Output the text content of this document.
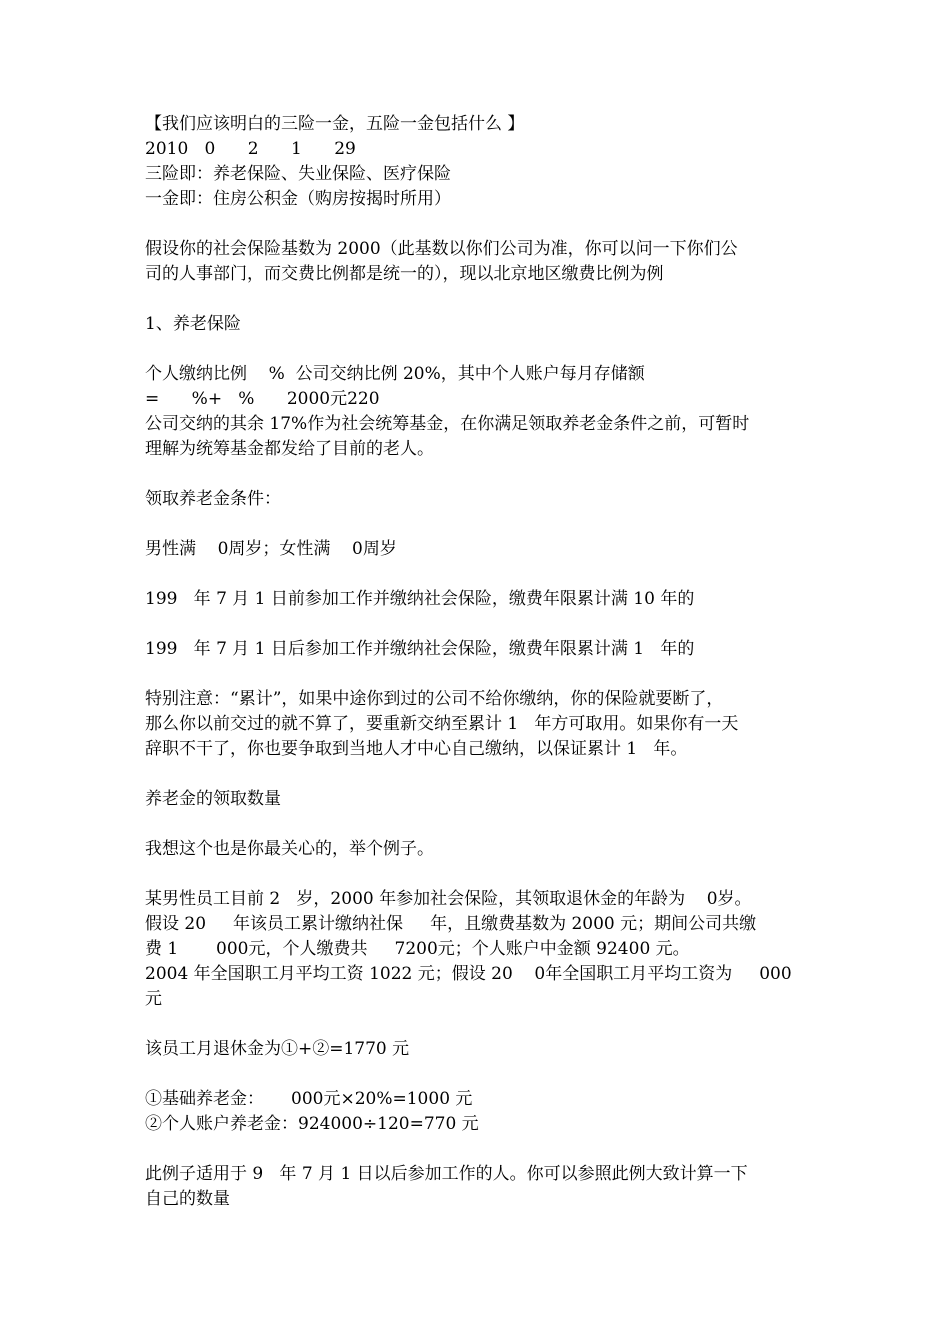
【我们应该明白的三险一金，五险一金包括什么 】
2010   0      2      1      29
三险即：养老保险、失业保险、医疗保险
一金即：住房公积金（购房按揭时所用）
假设你的社会保险基数为 2000（此基数以你们公司为准，你可以问一下你们公
司的人事部门，而交费比例都是统一的），现以北京地区缴费比例为例
1、养老保险
个人缴纳比例    %  公司交纳比例 20%，其中个人账户每月存储额
=      %+   %      2000元220
公司交纳的其余 17%作为社会统筹基金，在你满足领取养老金条件之前，可暂时
理解为统筹基金都发给了目前的老人。
领取养老金条件：
男性满    0周岁；女性满    0周岁
199   年 7 月 1 日前参加工作并缴纳社会保险，缴费年限累计满 10 年的
199   年 7 月 1 日后参加工作并缴纳社会保险，缴费年限累计满 1   年的
特别注意：“累计”，如果中途你到过的公司不给你缴纳，你的保险就要断了，
那么你以前交过的就不算了，要重新交纳至累计 1   年方可取用。如果你有一天
辞职不干了，你也要争取到当地人才中心自己缴纳，以保证累计 1   年。
养老金的领取数量
我想这个也是你最关心的，举个例子。
某男性员工目前 2   岁，2000 年参加社会保险，其领取退休金的年龄为    0岁。
假设 20     年该员工累计缴纳社保     年，且缴费基数为 2000 元；期间公司共缴
费 1       000元，个人缴费共     7200元；个人账户中金额 92400 元。
2004 年全国职工月平均工资 1022 元；假设 20    0年全国职工月平均工资为     000
元
该员工月退休金为①+②=1770 元
①基础养老金：     000元×20%=1000 元
②个人账户养老金：924000÷120=770 元
此例子适用于 9   年 7 月 1 日以后参加工作的人。你可以参照此例大致计算一下
自己的数量
